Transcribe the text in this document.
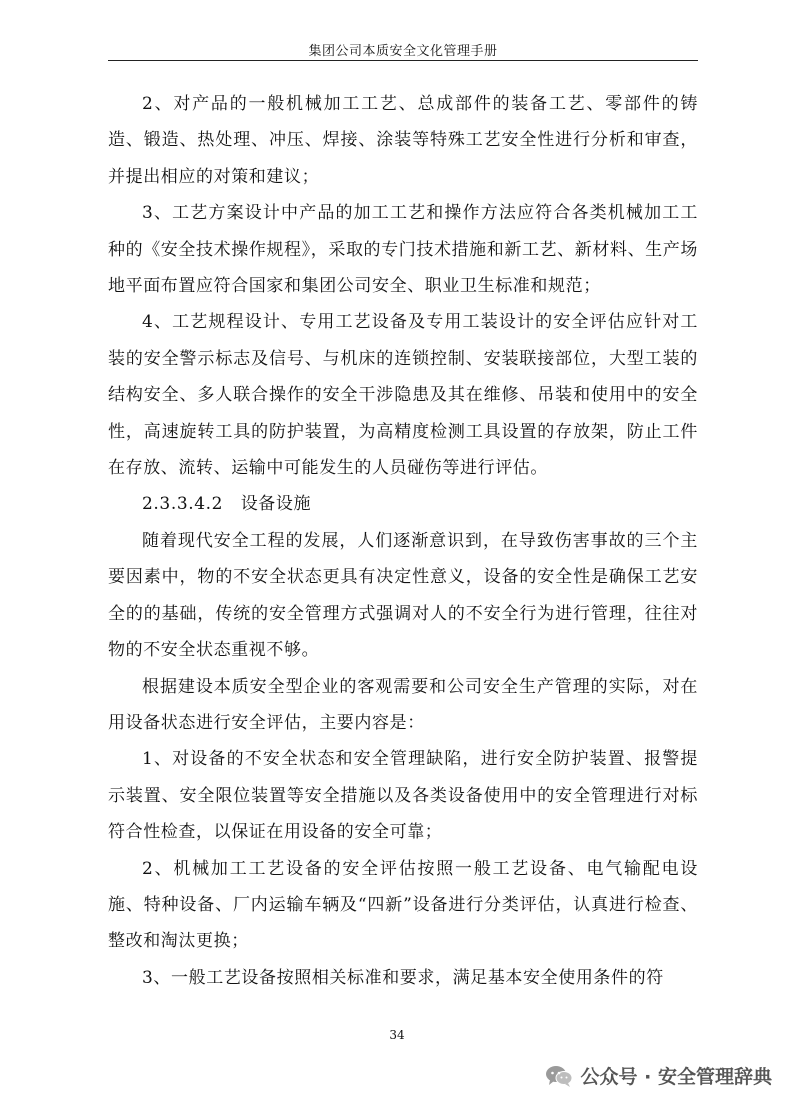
集团公司本质安全文化管理手册

2、对产品的一般机械加工工艺、总成部件的装备工艺、零部件的铸造、锻造、热处理、冲压、焊接、涂装等特殊工艺安全性进行分析和审查，并提出相应的对策和建议；

3、工艺方案设计中产品的加工工艺和操作方法应符合各类机械加工工种的《安全技术操作规程》，采取的专门技术措施和新工艺、新材料、生产场地平面布置应符合国家和集团公司安全、职业卫生标准和规范；

4、工艺规程设计、专用工艺设备及专用工装设计的安全评估应针对工装的安全警示标志及信号、与机床的连锁控制、安装联接部位，大型工装的结构安全、多人联合操作的安全干涉隐患及其在维修、吊装和使用中的安全性，高速旋转工具的防护装置，为高精度检测工具设置的存放架，防止工件在存放、流转、运输中可能发生的人员碰伤等进行评估。

2.3.3.4.2　设备设施

随着现代安全工程的发展，人们逐渐意识到，在导致伤害事故的三个主要因素中，物的不安全状态更具有决定性意义，设备的安全性是确保工艺安全的的基础，传统的安全管理方式强调对人的不安全行为进行管理，往往对物的不安全状态重视不够。

根据建设本质安全型企业的客观需要和公司安全生产管理的实际，对在用设备状态进行安全评估，主要内容是：

1、对设备的不安全状态和安全管理缺陷，进行安全防护装置、报警提示装置、安全限位装置等安全措施以及各类设备使用中的安全管理进行对标符合性检查，以保证在用设备的安全可靠；

2、机械加工工艺设备的安全评估按照一般工艺设备、电气输配电设施、特种设备、厂内运输车辆及“四新”设备进行分类评估，认真进行检查、整改和淘汰更换；

3、一般工艺设备按照相关标准和要求，满足基本安全使用条件的符

34
公众号 · 安全管理辞典
